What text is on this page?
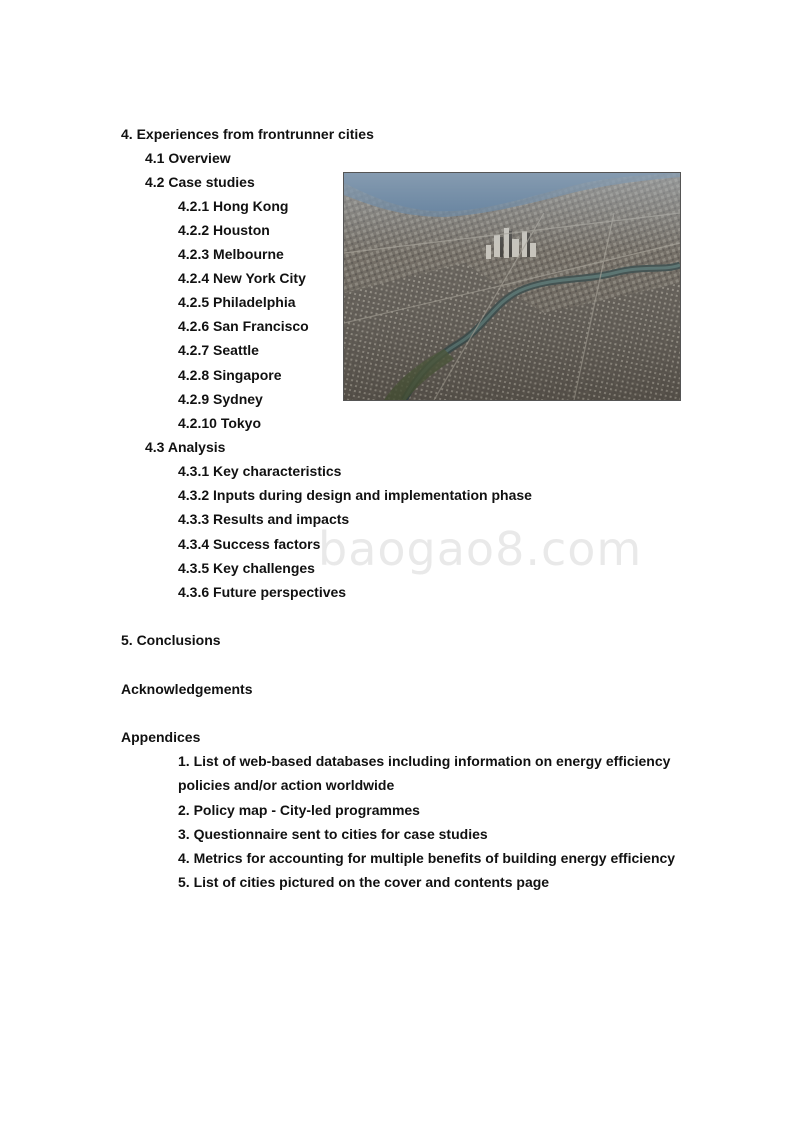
4. Experiences from frontrunner cities

4.1 Overview

4.2 Case studies

4.2.1 Hong Kong

4.2.2 Houston

4.2.3 Melbourne

4.2.4 New York City

4.2.5 Philadelphia

4.2.6 San Francisco

4.2.7 Seattle

4.2.8 Singapore

4.2.9 Sydney

4.2.10 Tokyo

4.3 Analysis

4.3.1 Key characteristics

4.3.2 Inputs during design and implementation phase

4.3.3 Results and impacts

4.3.4 Success factors

4.3.5 Key challenges

4.3.6 Future perspectives

5. Conclusions

Acknowledgements

Appendices

1. List of web-based databases including information on energy efficiency

policies and/or action worldwide

2. Policy map - City-led programmes

3. Questionnaire sent to cities for case studies

4. Metrics for accounting for multiple benefits of building energy efficiency

5. List of cities pictured on the cover and contents page

baogao8.com
